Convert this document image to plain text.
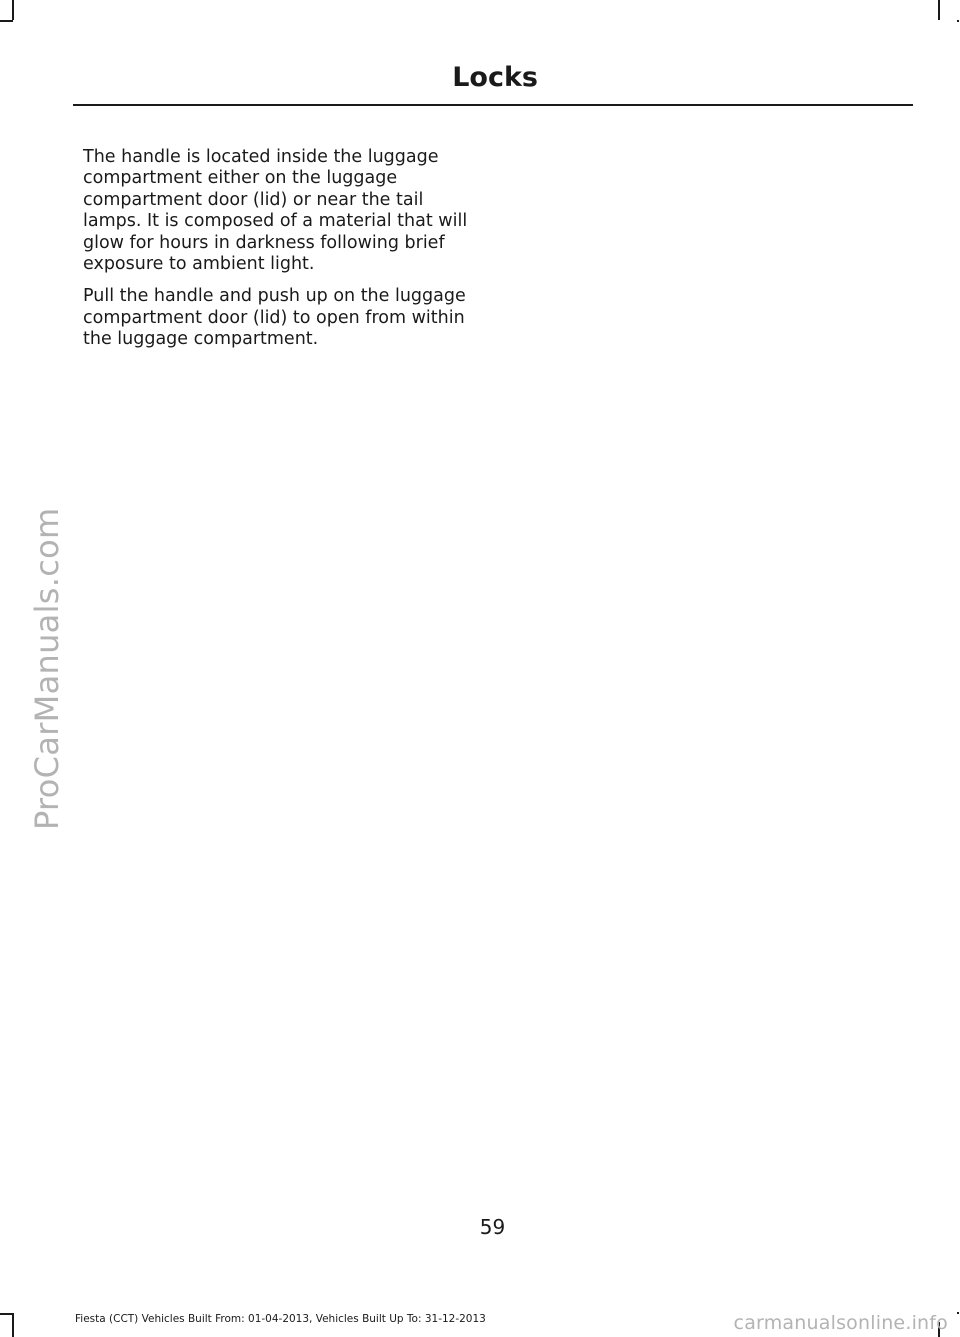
Locks

The handle is located inside the luggage compartment either on the luggage compartment door (lid) or near the tail lamps. It is composed of a material that will glow for hours in darkness following brief exposure to ambient light.

Pull the handle and push up on the luggage compartment door (lid) to open from within the luggage compartment.

ProCarManuals.com
59
Fiesta (CCT) Vehicles Built From: 01-04-2013, Vehicles Built Up To: 31-12-2013	carmanualsonline.info
